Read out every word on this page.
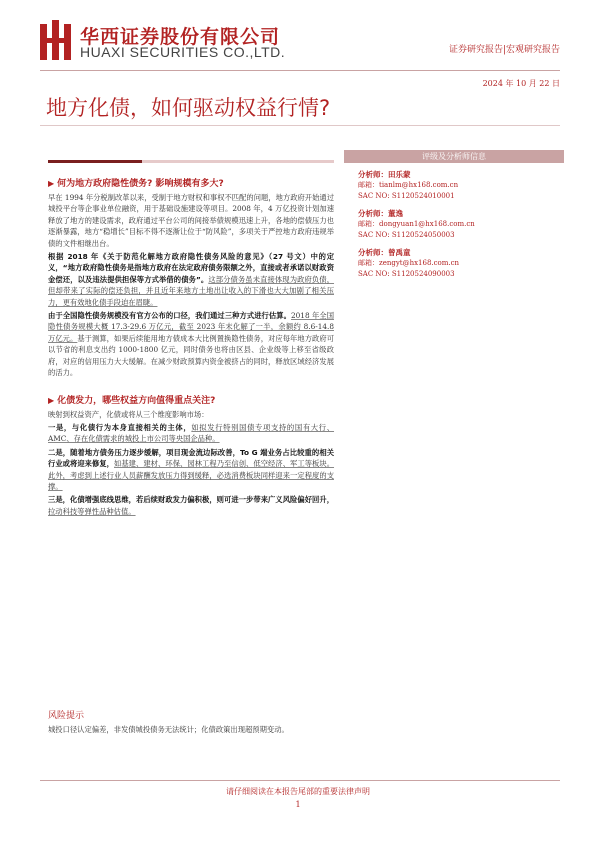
华西证券股份有限公司
HUAXI SECURITIES CO.,LTD.	证券研究报告|宏观研究报告
2024 年 10 月 22 日
地方化债，如何驱动权益行情?
▶ 何为地方政府隐性债务? 影响规模有多大?

早在 1994 年分税制改革以来，受制于地方财权和事权不匹配的问题，地方政府开始通过城投平台等企事业单位融资，用于基础设施建设等项目。2008 年，4 万亿投资计划加速释放了地方的建设需求，政府通过平台公司的间接举债规模迅速上升，各地的偿债压力也逐渐暴露，地方“稳增长”目标不得不逐渐让位于“防风险”，多项关于严控地方政府违规举债的文件相继出台。

根据 2018 年《关于防范化解地方政府隐性债务风险的意见》（27 号文）中的定义，“地方政府隐性债务是指地方政府在法定政府债务限额之外，直接或者承诺以财政资金偿还，以及违法提供担保等方式举借的债务”。这部分债务虽未直接体现为政府负债，但却带来了实际的偿还负担，并且近年来地方土地出让收入的下滑也大大加剧了相关压力，更有效地化债手段迫在眉睫。

由于全国隐性债务规模没有官方公布的口径，我们通过三种方式进行估算。2018 年全国隐性债务规模大概 17.3-29.6 万亿元，截至 2023 年末化解了一半，余额约 8.6-14.8 万亿元。基于测算，如果后续能用地方债成本大比例置换隐性债务，对应每年地方政府可以节省的利息支出约 1000-1800 亿元，同时债务也将由区县、企业级等上移至省级政府，对应的信用压力大大缓解。在减少财政预算内资金被挤占的同时，释放区域经济发展的活力。

▶ 化债发力，哪些权益方向值得重点关注?

映射到权益资产，化债或将从三个维度影响市场：

一是，与化债行为本身直接相关的主体，如拟发行特别国债专项支持的国有大行、AMC、存在化债需求的城投上市公司等央国企品种。

二是，随着地方债务压力逐步缓解，项目现金流边际改善，To G 端业务占比较重的相关行业或将迎来修复，如基建、建材、环保、园林工程乃至信创、低空经济、军工等板块。此外，考虑到上述行业人员薪酬发放压力得到缓释，必选消费板块同样迎来一定程度的支撑。

三是，化债增强底线思维，若后续财政发力偏积极，则可进一步带来广义风险偏好回升，拉动科技等弹性品种估值。

风险提示

城投口径认定偏差，非发债城投债务无法统计；化债政策出现超预期变动。

评级及分析师信息
分析师：田乐蒙
邮箱：tianlm@hx168.com.cn
SAC NO: S1120524010001
分析师：董逸
邮箱：dongyuan1@hx168.com.cn
SAC NO: S1120524050003
分析师：曾禹童
邮箱：zengyt@hx168.com.cn
SAC NO: S1120524090003
请仔细阅读在本报告尾部的重要法律声明
1
